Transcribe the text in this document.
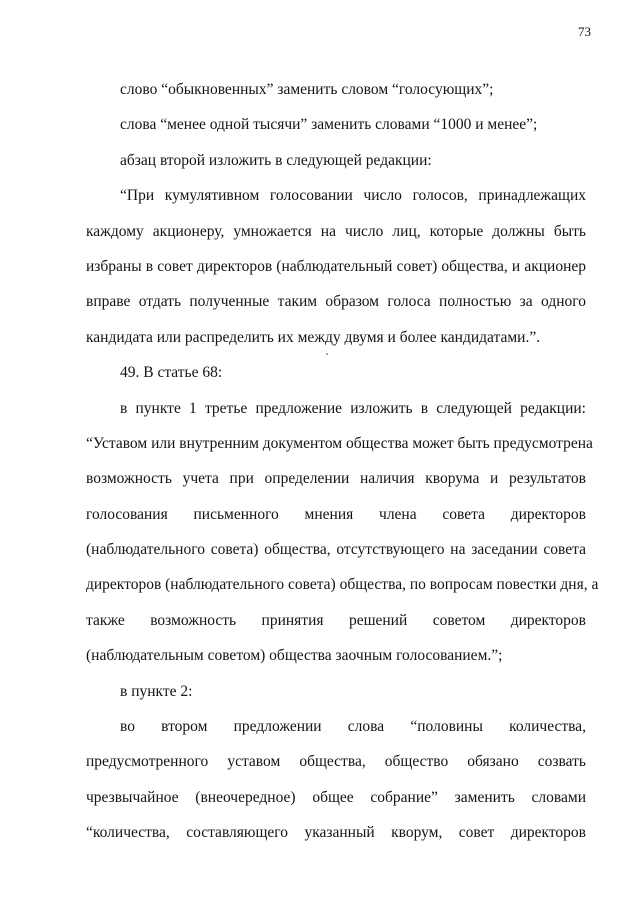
73
слово “обыкновенных” заменить словом “голосующих”;
слова “менее одной тысячи” заменить словами “1000 и менее”;
абзац второй изложить в следующей редакции:
“При кумулятивном голосовании число голосов, принадлежащих
каждому акционеру, умножается на число лиц, которые должны быть
избраны в совет директоров (наблюдательный совет) общества, и акционер
вправе отдать полученные таким образом голоса полностью за одного
кандидата или распределить их между двумя и более кандидатами.”.
49. В статье 68:
в пункте 1 третье предложение изложить в следующей редакции:
“Уставом или внутренним документом общества может быть предусмотрена
возможность учета при определении наличия кворума и результатов
голосования письменного мнения члена совета директоров
(наблюдательного совета) общества, отсутствующего на заседании совета
директоров (наблюдательного совета) общества, по вопросам повестки дня, а
также возможность принятия решений советом директоров
(наблюдательным советом) общества заочным голосованием.”;
в пункте 2:
во втором предложении слова “половины количества,
предусмотренного уставом общества, общество обязано созвать
чрезвычайное (внеочередное) общее собрание” заменить словами
“количества, составляющего указанный кворум, совет директоров
